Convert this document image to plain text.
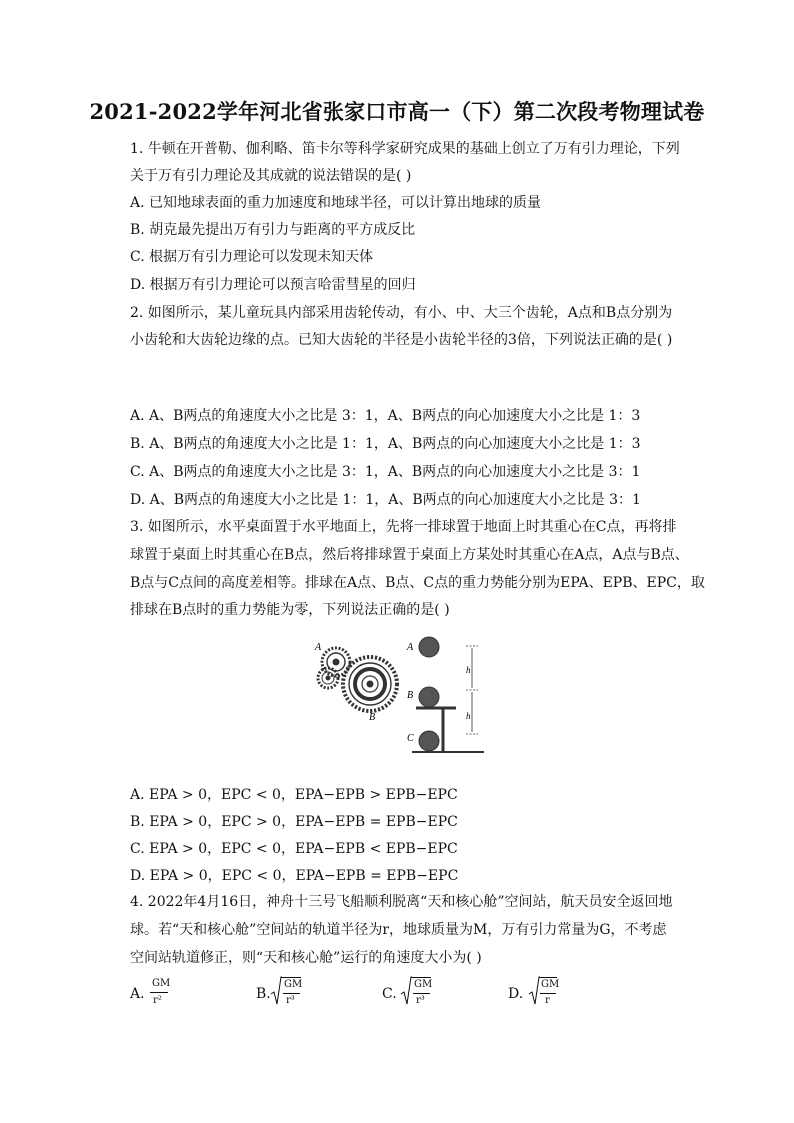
2021-2022学年河北省张家口市高一（下）第二次段考物理试卷
1. 牛顿在开普勒、伽利略、笛卡尔等科学家研究成果的基础上创立了万有引力理论，下列
关于万有引力理论及其成就的说法错误的是( )
A. 已知地球表面的重力加速度和地球半径，可以计算出地球的质量
B. 胡克最先提出万有引力与距离的平方成反比
C. 根据万有引力理论可以发现未知天体
D. 根据万有引力理论可以预言哈雷彗星的回归
2. 如图所示，某儿童玩具内部采用齿轮传动，有小、中、大三个齿轮，A点和B点分别为
小齿轮和大齿轮边缘的点。已知大齿轮的半径是小齿轮半径的3倍，下列说法正确的是( )
A. A、B两点的角速度大小之比是 3：1，A、B两点的向心加速度大小之比是 1：3
B. A、B两点的角速度大小之比是 1：1，A、B两点的向心加速度大小之比是 1：3
C. A、B两点的角速度大小之比是 3：1，A、B两点的向心加速度大小之比是 3：1
D. A、B两点的角速度大小之比是 1：1，A、B两点的向心加速度大小之比是 3：1
3. 如图所示，水平桌面置于水平地面上，先将一排球置于地面上时其重心在C点，再将排
球置于桌面上时其重心在B点，然后将排球置于桌面上方某处时其重心在A点，A点与B点、
B点与C点间的高度差相等。排球在A点、B点、C点的重力势能分别为EPA、EPB、EPC，取
排球在B点时的重力势能为零，下列说法正确的是( )
A
B
A
B
C
h
h
A. EPA > 0，EPC < 0，EPA−EPB > EPB−EPC
B. EPA > 0，EPC > 0，EPA−EPB = EPB−EPC
C. EPA > 0，EPC < 0，EPA−EPB < EPB−EPC
D. EPA > 0，EPC < 0，EPA−EPB = EPB−EPC
4. 2022年4月16日，神舟十三号飞船顺利脱离“天和核心舱”空间站，航天员安全返回地
球。若“天和核心舱”空间站的轨道半径为r，地球质量为M，万有引力常量为G，不考虑
空间站轨道修正，则“天和核心舱”运行的角速度大小为( )
A.
GM
r²	B.
GM
r³	C.
GM
r³	D.
GM
r
